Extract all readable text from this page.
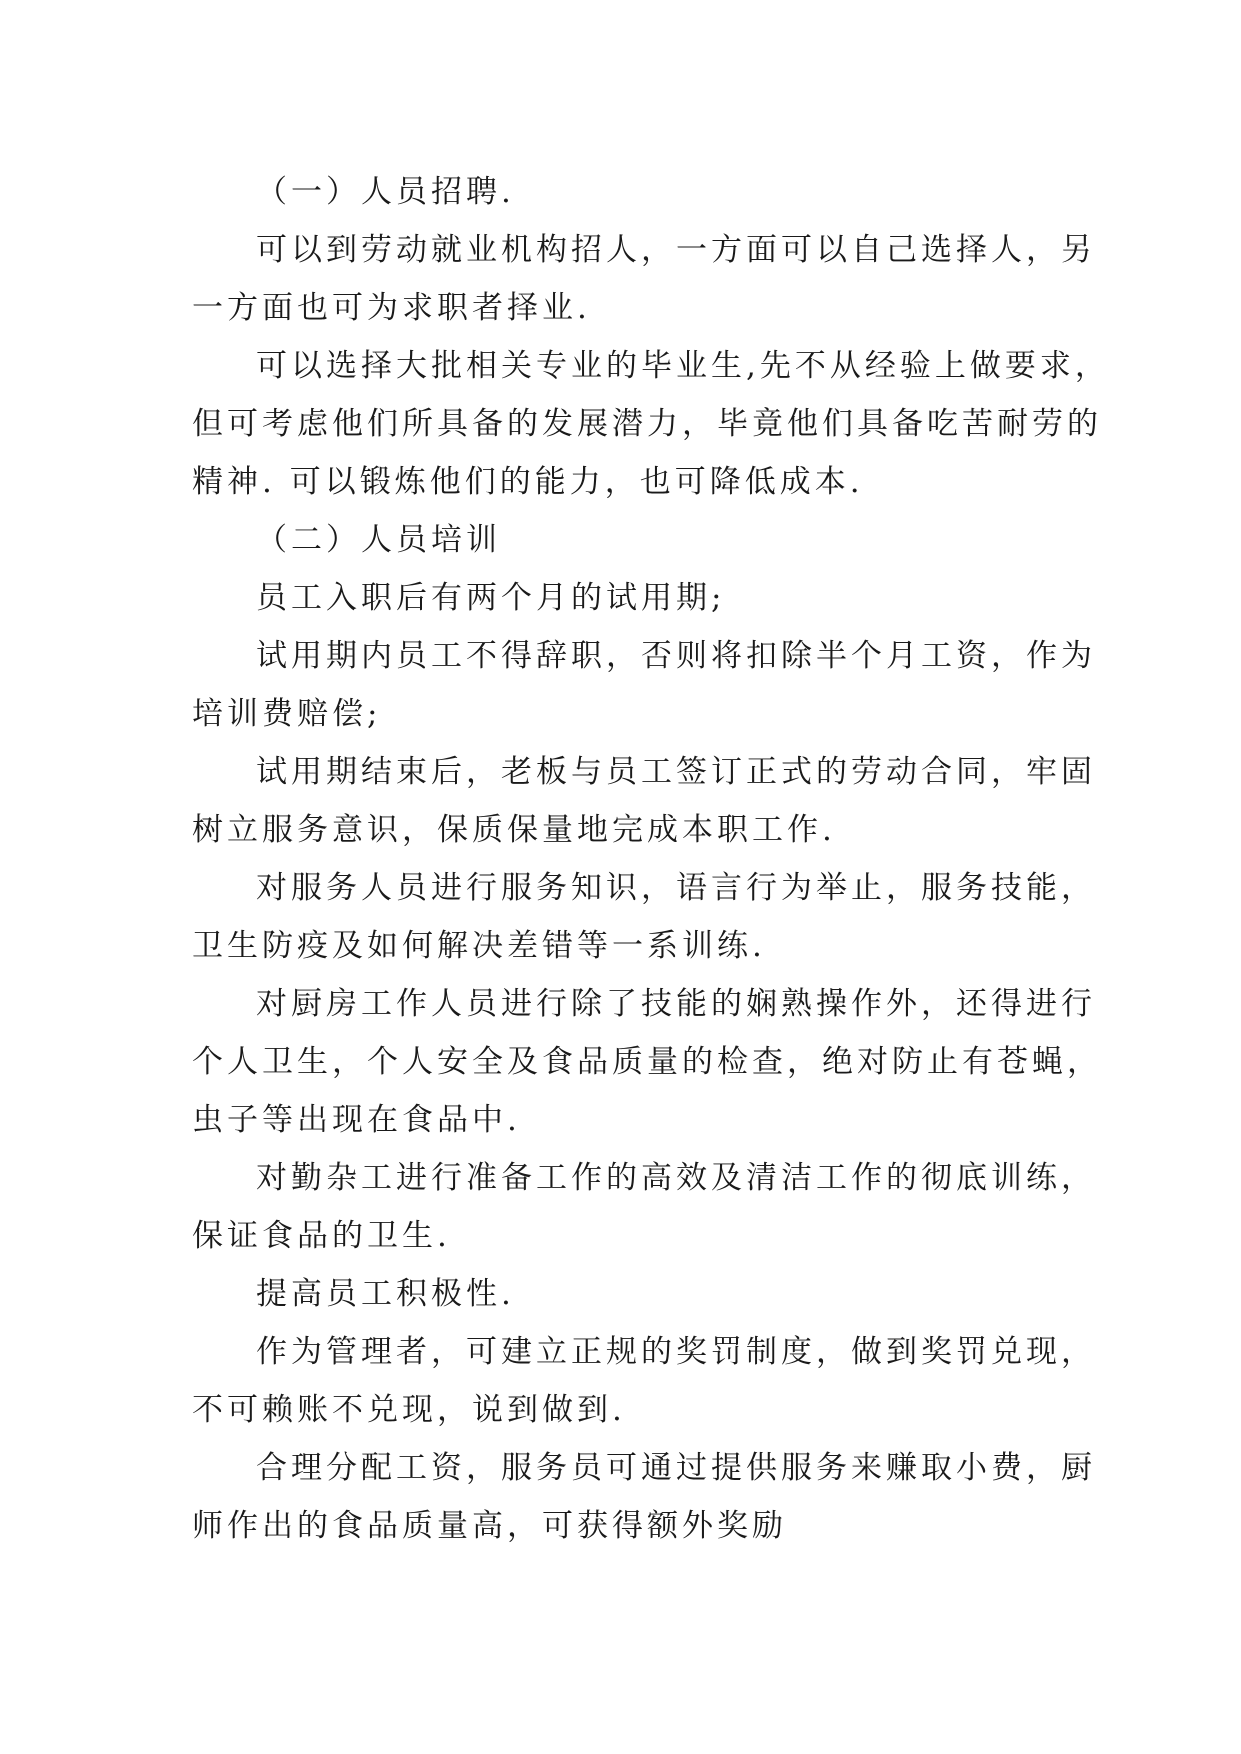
（一）人员招聘.
可以到劳动就业机构招人，一方面可以自己选择人，另
一方面也可为求职者择业.
可以选择大批相关专业的毕业生,先不从经验上做要求，
但可考虑他们所具备的发展潜力，毕竟他们具备吃苦耐劳的
精神. 可以锻炼他们的能力，也可降低成本.
（二）人员培训
员工入职后有两个月的试用期;
试用期内员工不得辞职，否则将扣除半个月工资，作为
培训费赔偿;
试用期结束后，老板与员工签订正式的劳动合同，牢固
树立服务意识，保质保量地完成本职工作.
对服务人员进行服务知识，语言行为举止，服务技能，
卫生防疫及如何解决差错等一系训练.
对厨房工作人员进行除了技能的娴熟操作外，还得进行
个人卫生，个人安全及食品质量的检查，绝对防止有苍蝇，
虫子等出现在食品中.
对勤杂工进行准备工作的高效及清洁工作的彻底训练，
保证食品的卫生.
提高员工积极性.
作为管理者，可建立正规的奖罚制度，做到奖罚兑现，
不可赖账不兑现，说到做到.
合理分配工资，服务员可通过提供服务来赚取小费，厨
师作出的食品质量高，可获得额外奖励
